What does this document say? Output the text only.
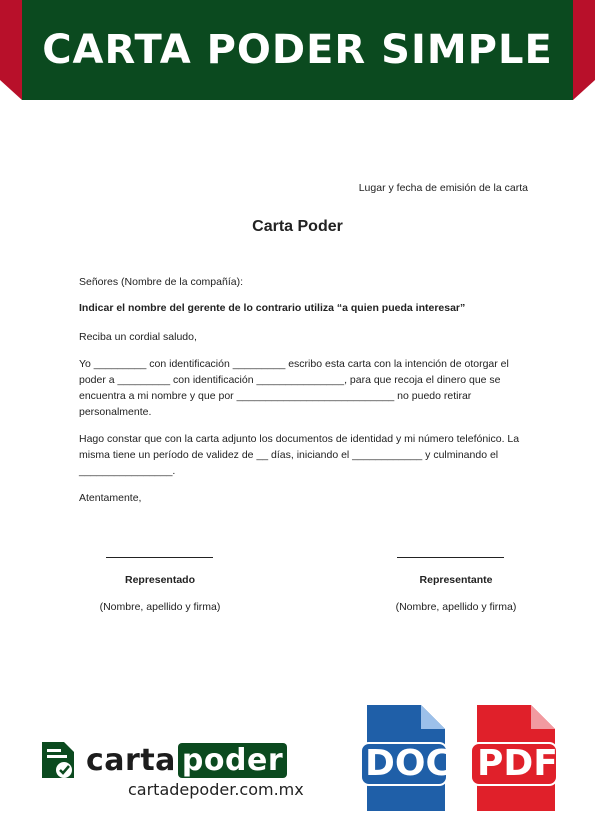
CARTA PODER SIMPLE
Lugar y fecha de emisión de la carta
Carta Poder

Señores (Nombre de la compañía):

Indicar el nombre del gerente de lo contrario utiliza “a quien pueda interesar”

Reciba un cordial saludo,

Yo _________ con identificación _________ escribo esta carta con la intención de otorgar el poder a _________ con identificación _______________, para que recoja el dinero que se encuentra a mi nombre y que por ___________________________ no puedo retirar personalmente.

Hago constar que con la carta adjunto los documentos de identidad y mi número telefónico. La misma tiene un período de validez de __ días, iniciando el ____________ y culminando el ________________.

Atentamente,

Representado
(Nombre, apellido y firma)
Representante
(Nombre, apellido y firma)
carta poder
cartadepoder.com.mx
DOC PDF
